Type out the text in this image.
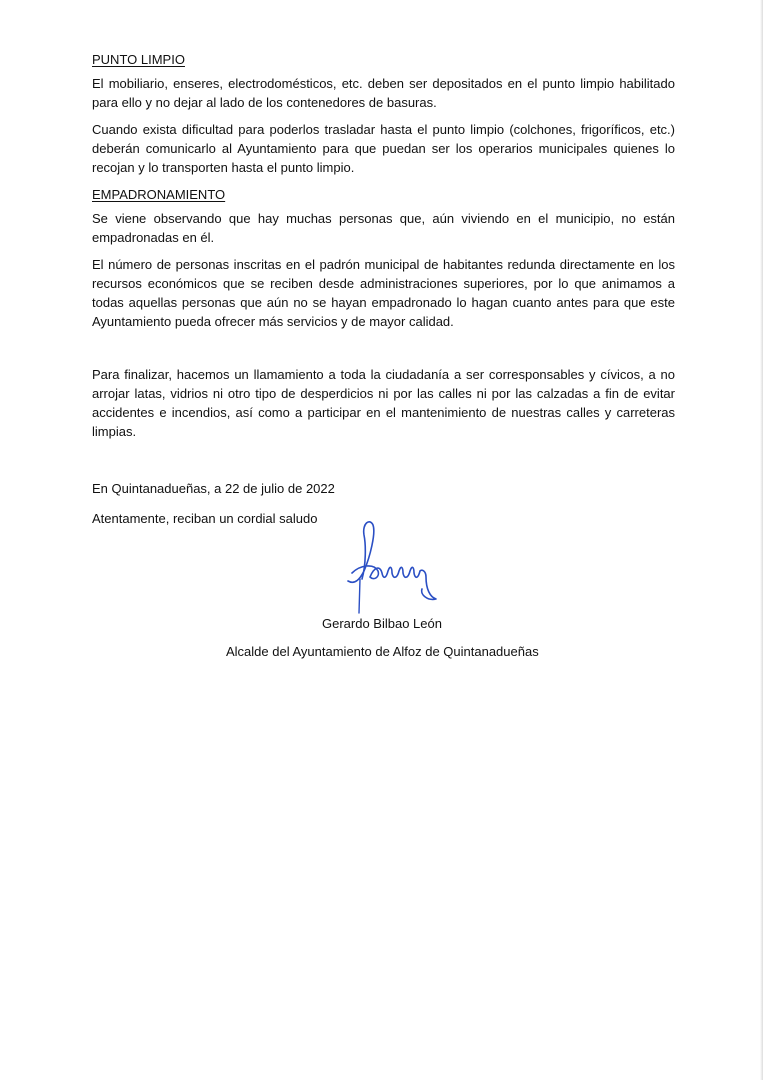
PUNTO LIMPIO

El mobiliario, enseres, electrodomésticos, etc. deben ser depositados en el punto limpio habilitado para ello y no dejar al lado de los contenedores de basuras.

Cuando exista dificultad para poderlos trasladar hasta el punto limpio (colchones, frigoríficos, etc.) deberán comunicarlo al Ayuntamiento para que puedan ser los operarios municipales quienes lo recojan y lo transporten hasta el punto limpio.

EMPADRONAMIENTO

Se viene observando que hay muchas personas que, aún viviendo en el municipio, no están empadronadas en él.

El número de personas inscritas en el padrón municipal de habitantes redunda directamente en los recursos económicos que se reciben desde administraciones superiores, por lo que animamos a todas aquellas personas que aún no se hayan empadronado lo hagan cuanto antes para que este Ayuntamiento pueda ofrecer más servicios y de mayor calidad.

Para finalizar, hacemos un llamamiento a toda la ciudadanía a ser corresponsables y cívicos, a no arrojar latas, vidrios ni otro tipo de desperdicios ni por las calles ni por las calzadas a fin de evitar accidentes e incendios, así como a participar en el mantenimiento de nuestras calles y carreteras limpias.

En Quintanadueñas, a 22 de julio de 2022

Atentamente, reciban un cordial saludo

Gerardo Bilbao León
Alcalde del Ayuntamiento de Alfoz de Quintanadueñas
